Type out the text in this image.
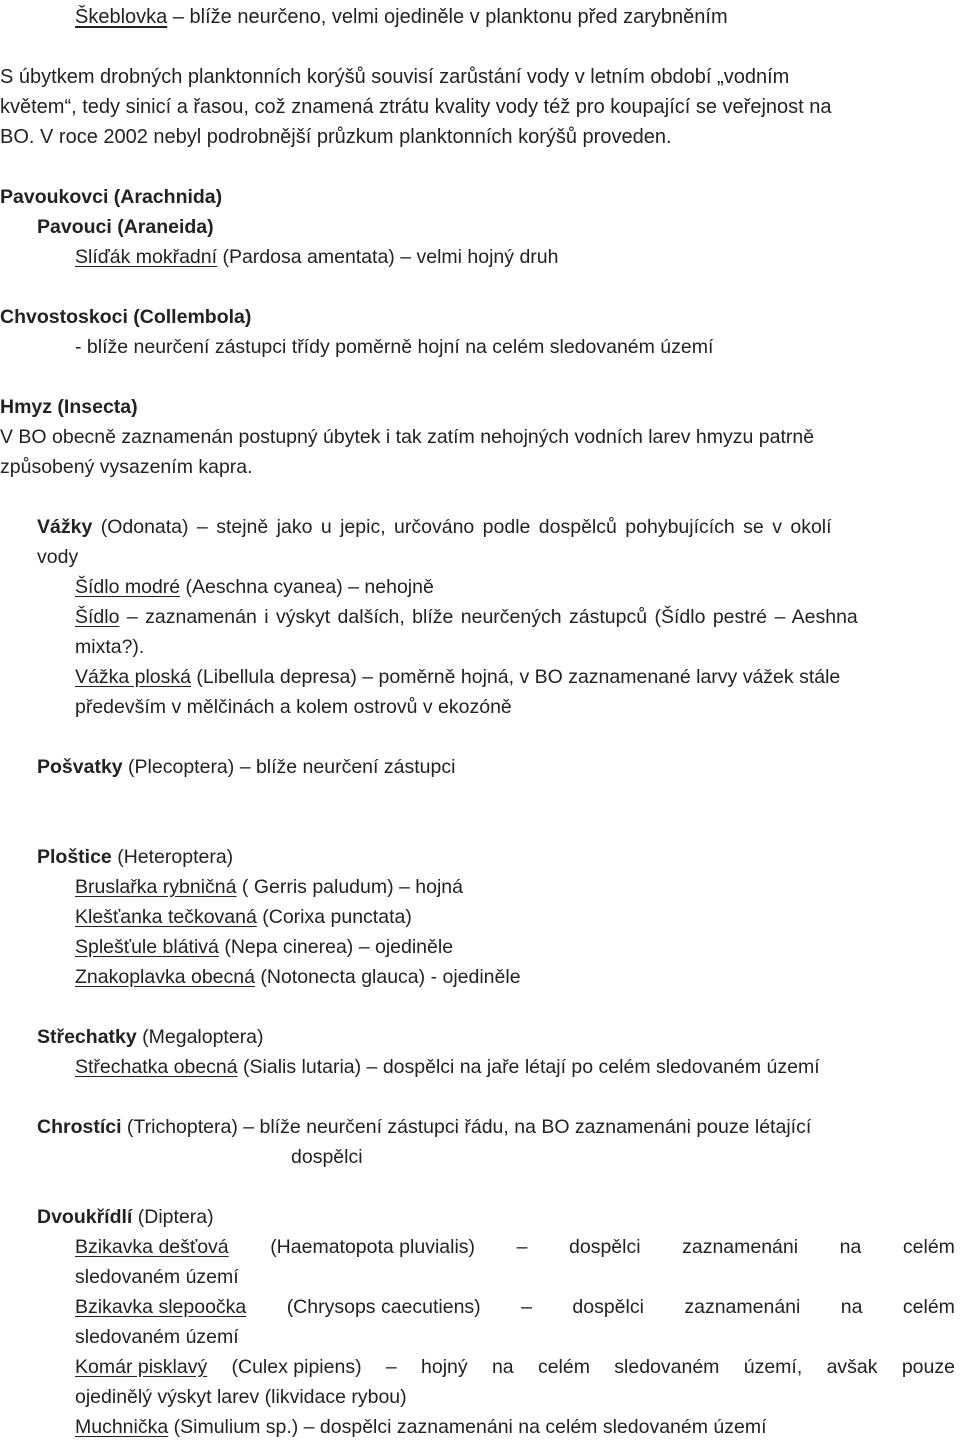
Škeblovka – blíže neurčeno, velmi ojediněle v planktonu před zarybněním
S úbytkem drobných planktonních korýšů souvisí zarůstání vody v letním období „vodním
květem“, tedy sinicí a řasou, což znamená ztrátu kvality vody též pro koupající se veřejnost na
BO. V roce 2002 nebyl podrobnější průzkum planktonních korýšů proveden.
Pavoukovci (Arachnida)
Pavouci (Araneida)
Slíďák mokřadní (Pardosa amentata) – velmi hojný druh
Chvostoskoci (Collembola)
- blíže neurčení zástupci třídy poměrně hojní na celém sledovaném území
Hmyz (Insecta)
V BO obecně zaznamenán postupný úbytek i tak zatím nehojných vodních larev hmyzu patrně
způsobený vysazením kapra.
Vážky (Odonata) – stejně jako u jepic, určováno podle dospělců pohybujících se v okolí
vody
Šídlo modré (Aeschna cyanea) – nehojně
Šídlo – zaznamenán i výskyt dalších, blíže neurčených zástupců (Šídlo pestré – Aeshna
mixta?).
Vážka ploská (Libellula depresa) – poměrně hojná, v BO zaznamenané larvy vážek stále
především v mělčinách a kolem ostrovů v ekozóně
Pošvatky (Plecoptera) – blíže neurčení zástupci
Ploštice (Heteroptera)
Bruslařka rybničná ( Gerris paludum) – hojná
Klešťanka tečkovaná (Corixa punctata)
Splešťule blátivá (Nepa cinerea) – ojediněle
Znakoplavka obecná (Notonecta glauca) - ojediněle
Střechatky (Megaloptera)
Střechatka obecná (Sialis lutaria) – dospělci na jaře létají po celém sledovaném území
Chrostíci (Trichoptera) – blíže neurčení zástupci řádu, na BO zaznamenáni pouze létající
dospělci
Dvoukřídlí (Diptera)
Bzikavka dešťová (Haematopota pluvialis) – dospělci zaznamenáni na celém
sledovaném území
Bzikavka slepoočka (Chrysops caecutiens) – dospělci zaznamenáni na celém
sledovaném území
Komár pisklavý (Culex pipiens) – hojný na celém sledovaném území, avšak pouze
ojedinělý výskyt larev (likvidace rybou)
Muchnička (Simulium sp.) – dospělci zaznamenáni na celém sledovaném území
